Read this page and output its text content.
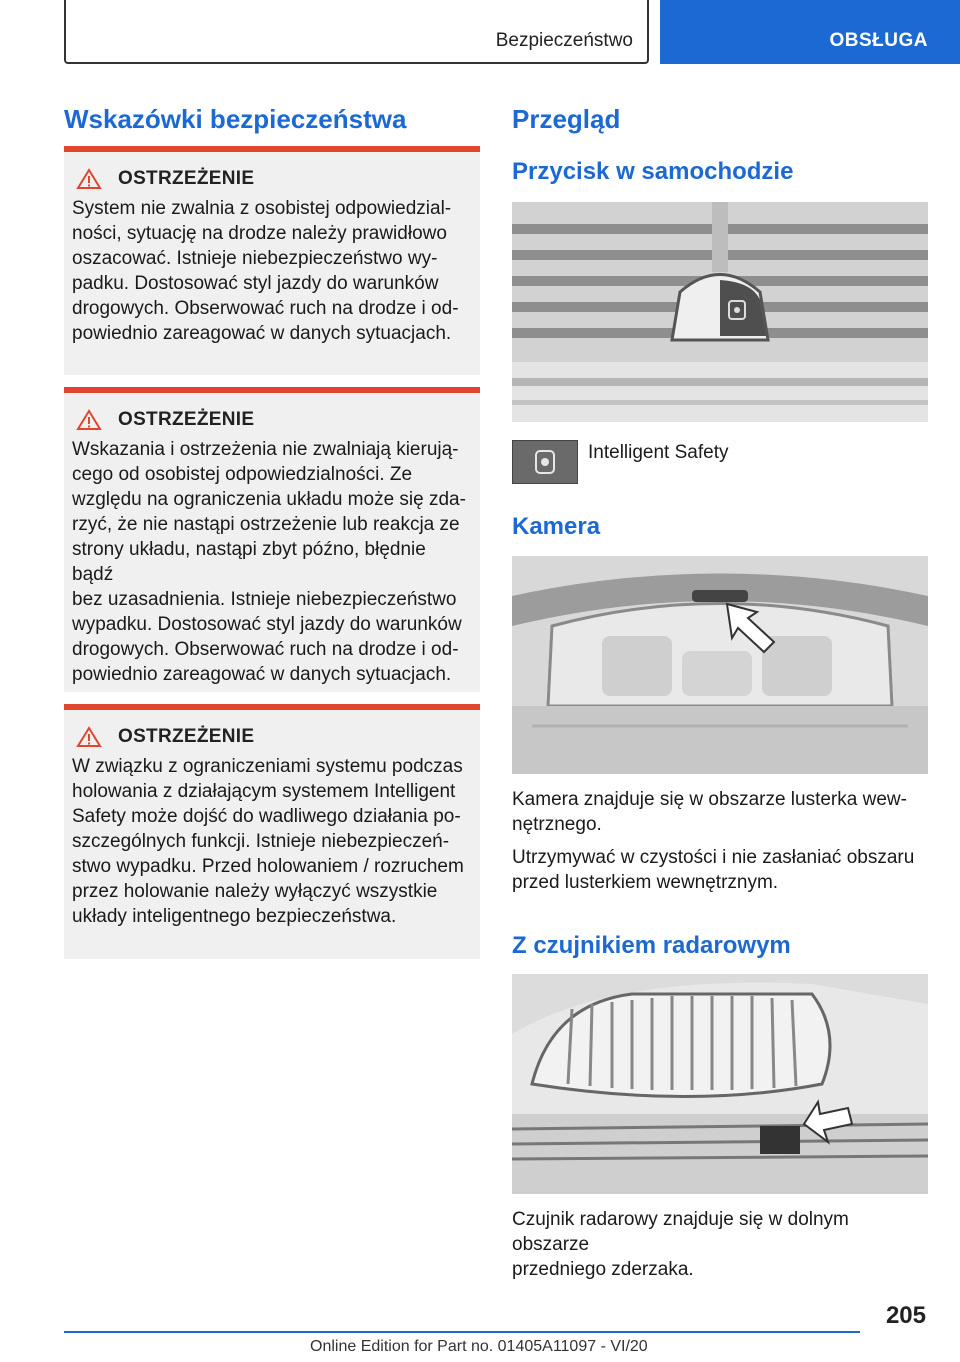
Bezpieczeństwo	OBSŁUGA
Wskazówki bezpieczeństwa
OSTRZEŻENIE

System nie zwalnia z osobistej odpowiedzial-

ności, sytuację na drodze należy prawidłowo

oszacować. Istnieje niebezpieczeństwo wy-

padku. Dostosować styl jazdy do warunków

drogowych. Obserwować ruch na drodze i od-

powiednio zareagować w danych sytuacjach.

OSTRZEŻENIE

Wskazania i ostrzeżenia nie zwalniają kierują-

cego od osobistej odpowiedzialności. Ze

względu na ograniczenia układu może się zda-

rzyć, że nie nastąpi ostrzeżenie lub reakcja ze

strony układu, nastąpi zbyt późno, błędnie bądź

bez uzasadnienia. Istnieje niebezpieczeństwo

wypadku. Dostosować styl jazdy do warunków

drogowych. Obserwować ruch na drodze i od-

powiednio zareagować w danych sytuacjach.

OSTRZEŻENIE

W związku z ograniczeniami systemu podczas

holowania z działającym systemem Intelligent

Safety może dojść do wadliwego działania po-

szczególnych funkcji. Istnieje niebezpieczeń-

stwo wypadku. Przed holowaniem / rozruchem

przez holowanie należy wyłączyć wszystkie

układy inteligentnego bezpieczeństwa.

Przegląd
Przycisk w samochodzie
Intelligent Safety
Kamera

Kamera znajduje się w obszarze lusterka wew-

nętrznego.

Utrzymywać w czystości i nie zasłaniać obszaru

przed lusterkiem wewnętrznym.

Z czujnikiem radarowym

Czujnik radarowy znajduje się w dolnym obszarze

przedniego zderzaka.

205
Online Edition for Part no. 01405A11097 - VI/20
